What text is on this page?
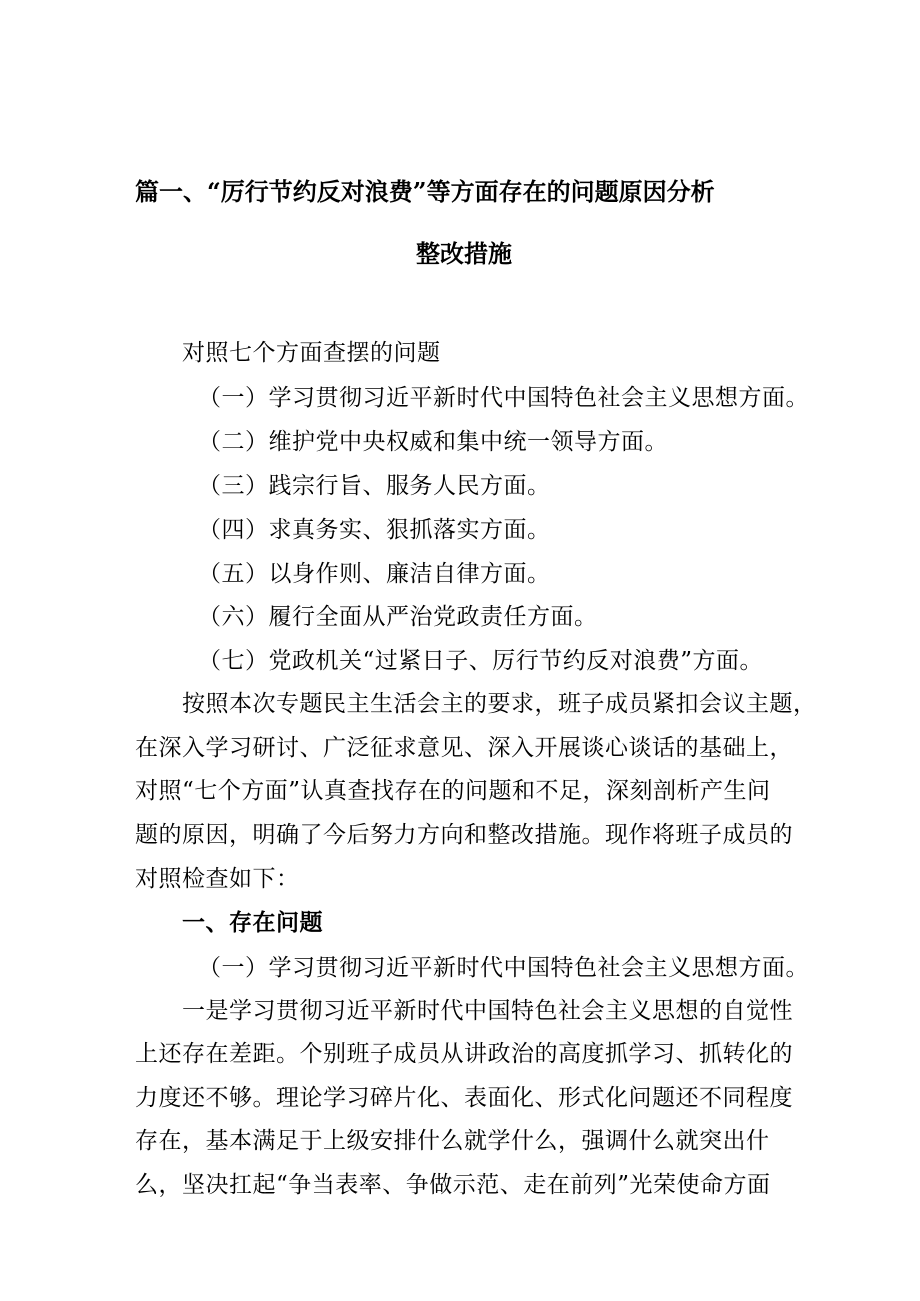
篇一、“厉行节约反对浪费”等方面存在的问题原因分析
整改措施
对照七个方面查摆的问题
（一）学习贯彻习近平新时代中国特色社会主义思想方面。
（二）维护党中央权威和集中统一领导方面。
（三）践宗行旨、服务人民方面。
（四）求真务实、狠抓落实方面。
（五）以身作则、廉洁自律方面。
（六）履行全面从严治党政责任方面。
（七）党政机关“过紧日子、厉行节约反对浪费”方面。
按照本次专题民主生活会主的要求，班子成员紧扣会议主题，
在深入学习研讨、广泛征求意见、深入开展谈心谈话的基础上，
对照“七个方面”认真查找存在的问题和不足，深刻剖析产生问
题的原因，明确了今后努力方向和整改措施。现作将班子成员的
对照检查如下：
一、存在问题
（一）学习贯彻习近平新时代中国特色社会主义思想方面。
一是学习贯彻习近平新时代中国特色社会主义思想的自觉性
上还存在差距。个别班子成员从讲政治的高度抓学习、抓转化的
力度还不够。理论学习碎片化、表面化、形式化问题还不同程度
存在，基本满足于上级安排什么就学什么，强调什么就突出什
么，坚决扛起“争当表率、争做示范、走在前列”光荣使命方面
